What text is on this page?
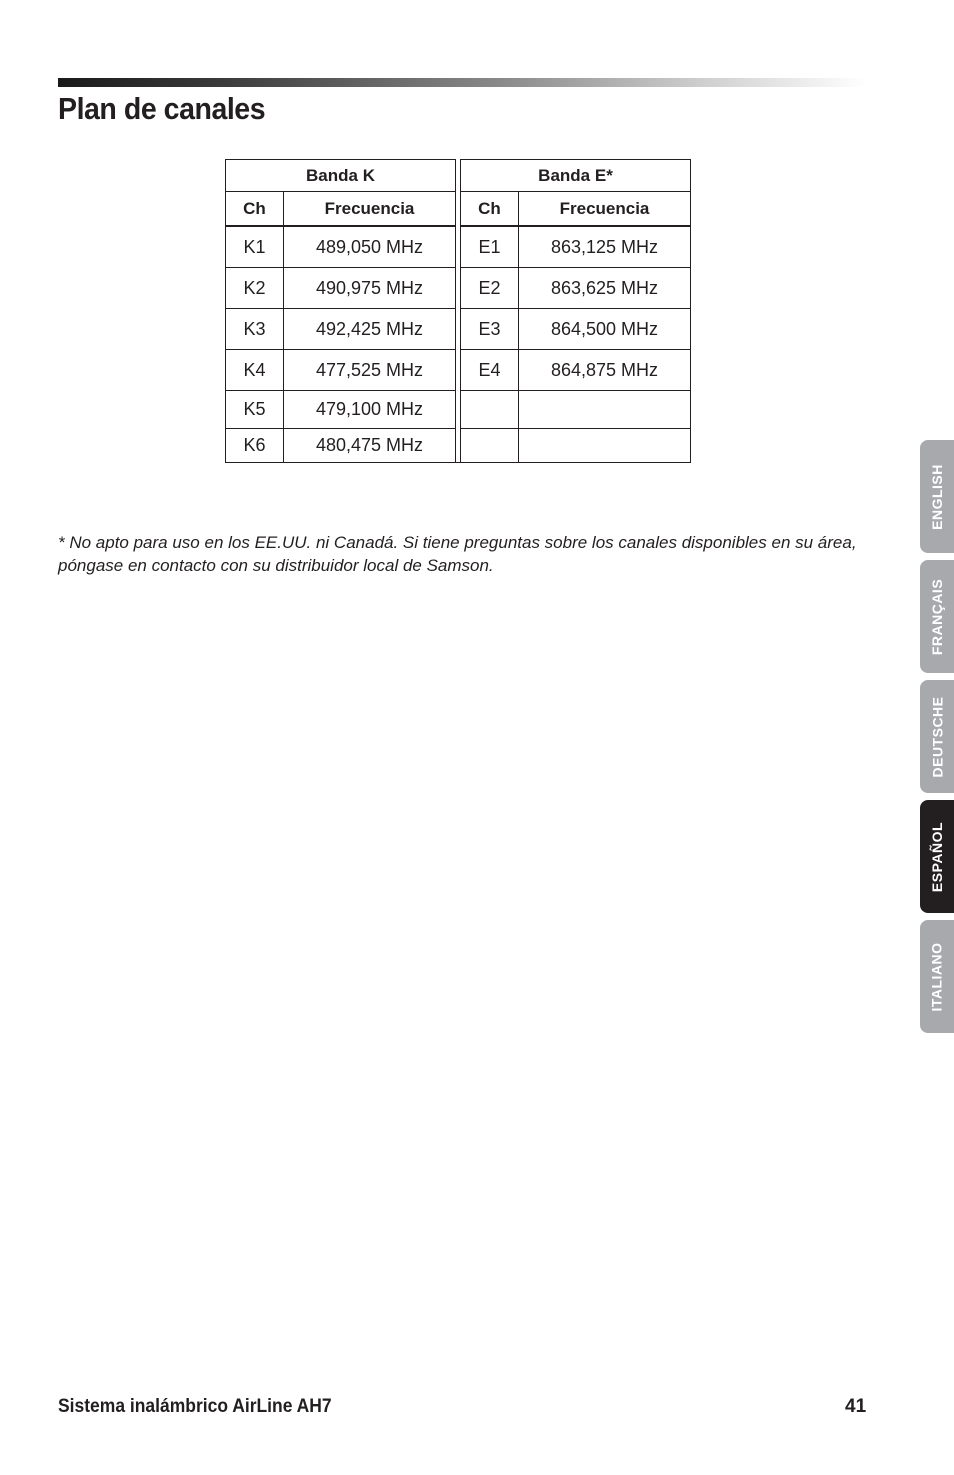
Plan de canales
Banda K			Banda E*	
Ch	Frecuencia		Ch	Frecuencia
K1	489,050 MHz		E1	863,125 MHz
K2	490,975 MHz		E2	863,625 MHz
K3	492,425 MHz		E3	864,500 MHz
K4	477,525 MHz		E4	864,875 MHz
K5	479,100 MHz			
K6	480,475 MHz			

* No apto para uso en los EE.UU. ni Canadá. Si tiene preguntas sobre los canales disponibles en su área, póngase en contacto con su distribuidor local de Samson.

ENGLISH
FRANÇAIS
DEUTSCHE
ESPAÑOL
ITALIANO
Sistema inalámbrico AirLine AH7	41
